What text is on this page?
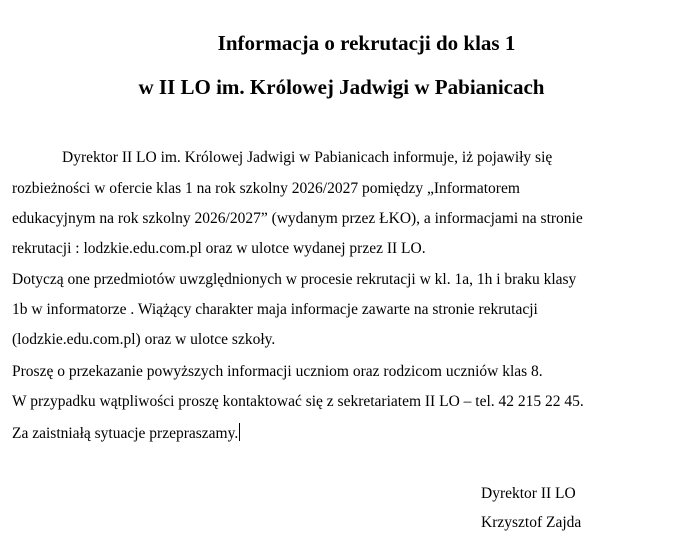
Informacja o rekrutacji do klas 1
w II LO im. Królowej Jadwigi w Pabianicach
Dyrektor II LO im. Królowej Jadwigi w Pabianicach informuje, iż pojawiły się
rozbieżności w ofercie klas 1 na rok szkolny 2026/2027 pomiędzy „Informatorem
edukacyjnym na rok szkolny 2026/2027” (wydanym przez ŁKO), a informacjami na stronie
rekrutacji : lodzkie.edu.com.pl oraz w ulotce wydanej przez II LO.
Dotyczą one przedmiotów uwzględnionych w procesie rekrutacji w kl. 1a, 1h i braku klasy
1b w informatorze . Wiążący charakter maja informacje zawarte na stronie rekrutacji
(lodzkie.edu.com.pl) oraz w ulotce szkoły.
Proszę o przekazanie powyższych informacji uczniom oraz rodzicom uczniów klas 8.
W przypadku wątpliwości proszę kontaktować się z sekretariatem II LO – tel. 42 215 22 45.
Za zaistniałą sytuacje przepraszamy.
Dyrektor II LO
Krzysztof Zajda
